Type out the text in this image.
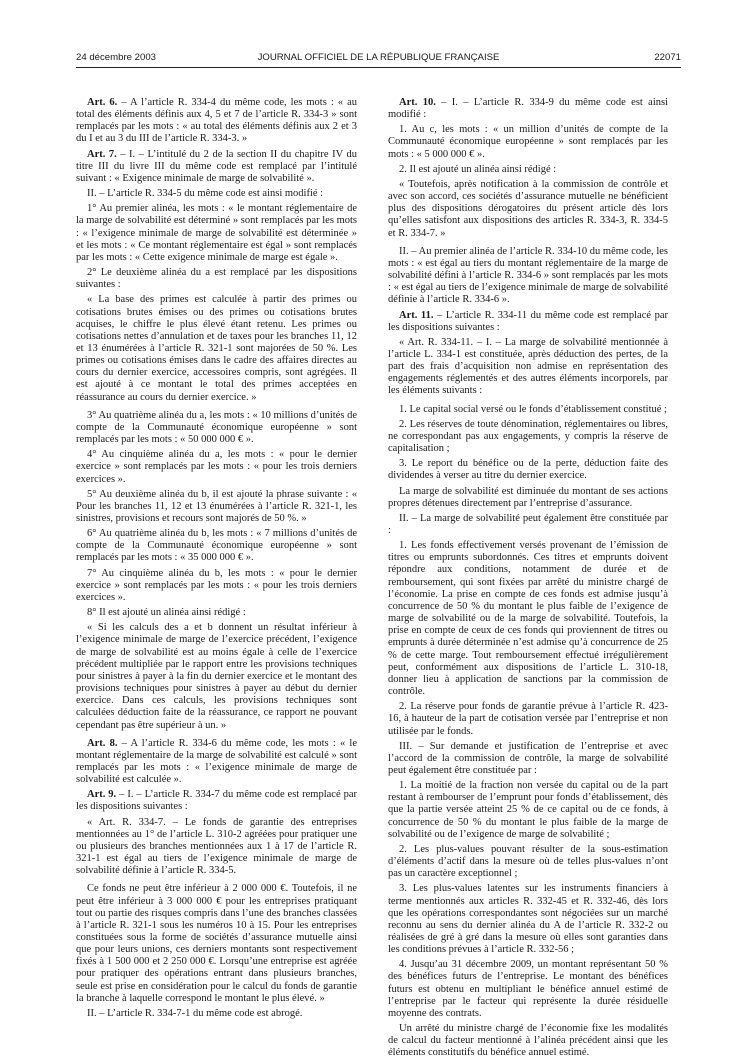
24 décembre 2003	JOURNAL OFFICIEL DE LA RÉPUBLIQUE FRANÇAISE	22071

Art. 6. – A l’article R. 334-4 du même code, les mots : « au total des éléments définis aux 4, 5 et 7 de l’article R. 334-3 » sont remplacés par les mots : « au total des éléments définis aux 2 et 3 du I et au 3 du III de l’article R. 334-3. »

Art. 7. – I. – L’intitulé du 2 de la section II du chapitre IV du titre III du livre III du même code est remplacé par l’intitulé suivant : « Exigence minimale de marge de solvabilité ».

II. – L’article R. 334-5 du même code est ainsi modifié :

1° Au premier alinéa, les mots : « le montant réglementaire de la marge de solvabilité est déterminé » sont remplacés par les mots : « l’exigence minimale de marge de solvabilité est déterminée » et les mots : « Ce montant réglementaire est égal » sont remplacés par les mots : « Cette exigence minimale de marge est égale ».

2° Le deuxième alinéa du a est remplacé par les dispositions suivantes :

« La base des primes est calculée à partir des primes ou cotisations brutes émises ou des primes ou cotisations brutes acquises, le chiffre le plus élevé étant retenu. Les primes ou cotisations nettes d’annulation et de taxes pour les branches 11, 12 et 13 énumérées à l’article R. 321-1 sont majorées de 50 %. Les primes ou cotisations émises dans le cadre des affaires directes au cours du dernier exercice, accessoires compris, sont agrégées. Il est ajouté à ce montant le total des primes acceptées en réassurance au cours du dernier exercice. »

3° Au quatrième alinéa du a, les mots : « 10 millions d’unités de compte de la Communauté économique européenne » sont remplacés par les mots : « 50 000 000 € ».

4° Au cinquième alinéa du a, les mots : « pour le dernier exercice » sont remplacés par les mots : « pour les trois derniers exercices ».

5° Au deuxième alinéa du b, il est ajouté la phrase suivante : « Pour les branches 11, 12 et 13 énumérées à l’article R. 321-1, les sinistres, provisions et recours sont majorés de 50 %. »

6° Au quatrième alinéa du b, les mots : « 7 millions d’unités de compte de la Communauté économique européenne » sont remplacés par les mots : « 35 000 000 € ».

7° Au cinquième alinéa du b, les mots : « pour le dernier exercice » sont remplacés par les mots : « pour les trois derniers exercices ».

8° Il est ajouté un alinéa ainsi rédigé :

« Si les calculs des a et b donnent un résultat inférieur à l’exigence minimale de marge de l’exercice précédent, l’exigence de marge de solvabilité est au moins égale à celle de l’exercice précédent multipliée par le rapport entre les provisions techniques pour sinistres à payer à la fin du dernier exercice et le montant des provisions techniques pour sinistres à payer au début du dernier exercice. Dans ces calculs, les provisions techniques sont calculées déduction faite de la réassurance, ce rapport ne pouvant cependant pas être supérieur à un. »

Art. 8. – A l’article R. 334-6 du même code, les mots : « le montant réglementaire de la marge de solvabilité est calculé » sont remplacés par les mots : « l’exigence minimale de marge de solvabilité est calculée ».

Art. 9. – I. – L’article R. 334-7 du même code est remplacé par les dispositions suivantes :

« Art. R. 334-7. – Le fonds de garantie des entreprises mentionnées au 1° de l’article L. 310-2 agréées pour pratiquer une ou plusieurs des branches mentionnées aux 1 à 17 de l’article R. 321-1 est égal au tiers de l’exigence minimale de marge de solvabilité définie à l’article R. 334-5.

Ce fonds ne peut être inférieur à 2 000 000 €. Toutefois, il ne peut être inférieur à 3 000 000 € pour les entreprises pratiquant tout ou partie des risques compris dans l’une des branches classées à l’article R. 321-1 sous les numéros 10 à 15. Pour les entreprises constituées sous la forme de sociétés d’assurance mutuelle ainsi que pour leurs unions, ces derniers montants sont respectivement fixés à 1 500 000 et 2 250 000 €. Lorsqu’une entreprise est agréée pour pratiquer des opérations entrant dans plusieurs branches, seule est prise en considération pour le calcul du fonds de garantie la branche à laquelle correspond le montant le plus élevé. »

II. – L’article R. 334-7-1 du même code est abrogé.

Art. 10. – I. – L’article R. 334-9 du même code est ainsi modifié :

1. Au c, les mots : « un million d’unités de compte de la Communauté économique européenne » sont remplacés par les mots : « 5 000 000 € ».

2. Il est ajouté un alinéa ainsi rédigé :

« Toutefois, après notification à la commission de contrôle et avec son accord, ces sociétés d’assurance mutuelle ne bénéficient plus des dispositions dérogatoires du présent article dès lors qu’elles satisfont aux dispositions des articles R. 334-3, R. 334-5 et R. 334-7. »

II. – Au premier alinéa de l’article R. 334-10 du même code, les mots : « est égal au tiers du montant réglementaire de la marge de solvabilité défini à l’article R. 334-6 » sont remplacés par les mots : « est égal au tiers de l’exigence minimale de marge de solvabilité définie à l’article R. 334-6 ».

Art. 11. – L’article R. 334-11 du même code est remplacé par les dispositions suivantes :

« Art. R. 334-11. – I. – La marge de solvabilité mentionnée à l’article L. 334-1 est constituée, après déduction des pertes, de la part des frais d’acquisition non admise en représentation des engagements réglementés et des autres éléments incorporels, par les éléments suivants :

1. Le capital social versé ou le fonds d’établissement constitué ;

2. Les réserves de toute dénomination, réglementaires ou libres, ne correspondant pas aux engagements, y compris la réserve de capitalisation ;

3. Le report du bénéfice ou de la perte, déduction faite des dividendes à verser au titre du dernier exercice.

La marge de solvabilité est diminuée du montant de ses actions propres détenues directement par l’entreprise d’assurance.

II. – La marge de solvabilité peut également être constituée par :

1. Les fonds effectivement versés provenant de l’émission de titres ou emprunts subordonnés. Ces titres et emprunts doivent répondre aux conditions, notamment de durée et de remboursement, qui sont fixées par arrêté du ministre chargé de l’économie. La prise en compte de ces fonds est admise jusqu’à concurrence de 50 % du montant le plus faible de l’exigence de marge de solvabilité ou de la marge de solvabilité. Toutefois, la prise en compte de ceux de ces fonds qui proviennent de titres ou emprunts à durée déterminée n’est admise qu’à concurrence de 25 % de cette marge. Tout remboursement effectué irrégulièrement peut, conformément aux dispositions de l’article L. 310-18, donner lieu à application de sanctions par la commission de contrôle.

2. La réserve pour fonds de garantie prévue à l’article R. 423-16, à hauteur de la part de cotisation versée par l’entreprise et non utilisée par le fonds.

III. – Sur demande et justification de l’entreprise et avec l’accord de la commission de contrôle, la marge de solvabilité peut également être constituée par :

1. La moitié de la fraction non versée du capital ou de la part restant à rembourser de l’emprunt pour fonds d’établissement, dès que la partie versée atteint 25 % de ce capital ou de ce fonds, à concurrence de 50 % du montant le plus faible de la marge de solvabilité ou de l’exigence de marge de solvabilité ;

2. Les plus-values pouvant résulter de la sous-estimation d’éléments d’actif dans la mesure où de telles plus-values n’ont pas un caractère exceptionnel ;

3. Les plus-values latentes sur les instruments financiers à terme mentionnés aux articles R. 332-45 et R. 332-46, dès lors que les opérations correspondantes sont négociées sur un marché reconnu au sens du dernier alinéa du A de l’article R. 332-2 ou réalisées de gré à gré dans la mesure où elles sont garanties dans les conditions prévues à l’article R. 332-56 ;

4. Jusqu’au 31 décembre 2009, un montant représentant 50 % des bénéfices futurs de l’entreprise. Le montant des bénéfices futurs est obtenu en multipliant le bénéfice annuel estimé de l’entreprise par le facteur qui représente la durée résiduelle moyenne des contrats.

Un arrêté du ministre chargé de l’économie fixe les modalités de calcul du facteur mentionné à l’alinéa précédent ainsi que les éléments constitutifs du bénéfice annuel estimé.
